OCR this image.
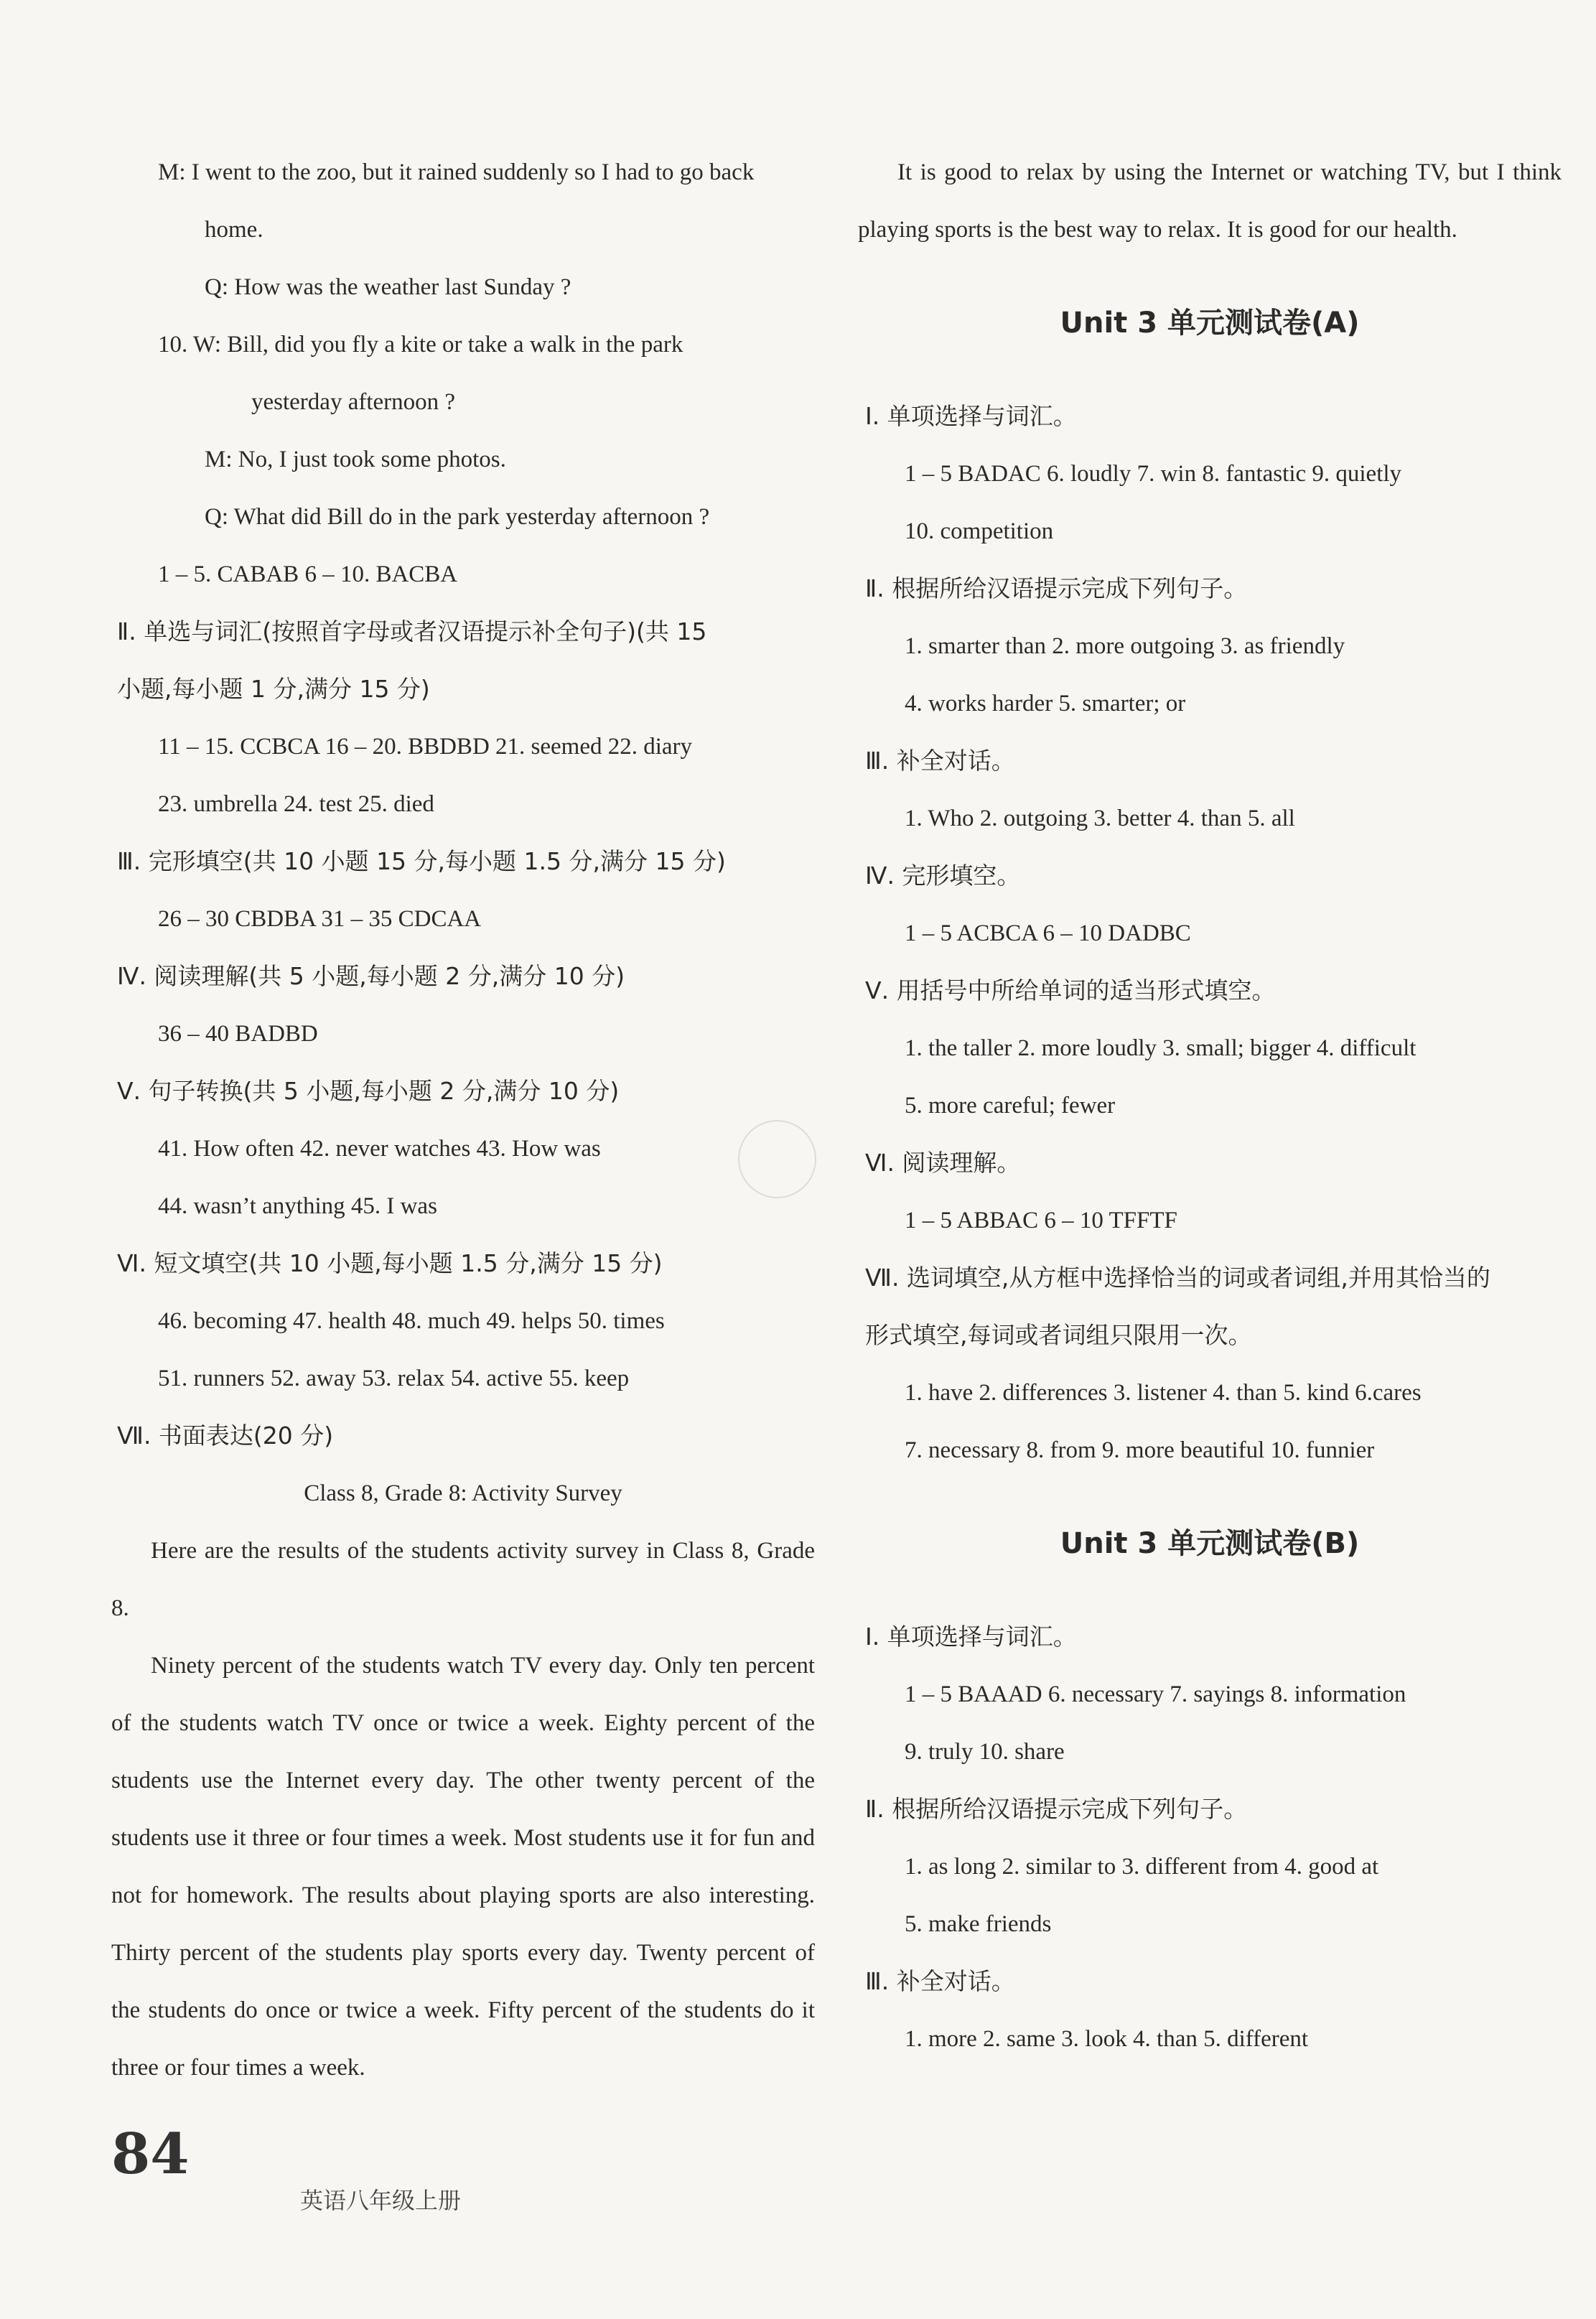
M: I went to the zoo, but it rained suddenly so I had to go back
home.
Q: How was the weather last Sunday ?
10. W: Bill, did you fly a kite or take a walk in the park
yesterday afternoon ?
M: No, I just took some photos.
Q: What did Bill do in the park yesterday afternoon ?
1 – 5. CABAB 6 – 10. BACBA
Ⅱ. 单选与词汇(按照首字母或者汉语提示补全句子)(共 15
小题,每小题 1 分,满分 15 分)
11 – 15. CCBCA 16 – 20. BBDBD 21. seemed 22. diary
23. umbrella 24. test 25. died
Ⅲ. 完形填空(共 10 小题 15 分,每小题 1.5 分,满分 15 分)
26 – 30 CBDBA 31 – 35 CDCAA
Ⅳ. 阅读理解(共 5 小题,每小题 2 分,满分 10 分)
36 – 40 BADBD
Ⅴ. 句子转换(共 5 小题,每小题 2 分,满分 10 分)
41. How often 42. never watches 43. How was
44. wasn’t anything 45. I was
Ⅵ. 短文填空(共 10 小题,每小题 1.5 分,满分 15 分)
46. becoming 47. health 48. much 49. helps 50. times
51. runners 52. away 53. relax 54. active 55. keep
Ⅶ. 书面表达(20 分)
Class 8, Grade 8: Activity Survey

Here are the results of the students activity survey in Class 8, Grade 8.

Ninety percent of the students watch TV every day. Only ten percent of the students watch TV once or twice a week. Eighty percent of the students use the Internet every day. The other twenty percent of the students use it three or four times a week. Most students use it for fun and not for homework. The results about playing sports are also interesting. Thirty percent of the students play sports every day. Twenty percent of the students do once or twice a week. Fifty percent of the students do it three or four times a week.

It is good to relax by using the Internet or watching TV, but I think playing sports is the best way to relax. It is good for our health.

Unit 3 单元测试卷(A)
Ⅰ. 单项选择与词汇。
1 – 5 BADAC 6. loudly 7. win 8. fantastic 9. quietly
10. competition
Ⅱ. 根据所给汉语提示完成下列句子。
1. smarter than 2. more outgoing 3. as friendly
4. works harder 5. smarter; or
Ⅲ. 补全对话。
1. Who 2. outgoing 3. better 4. than 5. all
Ⅳ. 完形填空。
1 – 5 ACBCA 6 – 10 DADBC
Ⅴ. 用括号中所给单词的适当形式填空。
1. the taller 2. more loudly 3. small; bigger 4. difficult
5. more careful; fewer
Ⅵ. 阅读理解。
1 – 5 ABBAC 6 – 10 TFFTF
Ⅶ. 选词填空,从方框中选择恰当的词或者词组,并用其恰当的
形式填空,每词或者词组只限用一次。
1. have 2. differences 3. listener 4. than 5. kind 6.cares
7. necessary 8. from 9. more beautiful 10. funnier
Unit 3 单元测试卷(B)
Ⅰ. 单项选择与词汇。
1 – 5 BAAAD 6. necessary 7. sayings 8. information
9. truly 10. share
Ⅱ. 根据所给汉语提示完成下列句子。
1. as long 2. similar to 3. different from 4. good at
5. make friends
Ⅲ. 补全对话。
1. more 2. same 3. look 4. than 5. different
84
英语八年级上册
